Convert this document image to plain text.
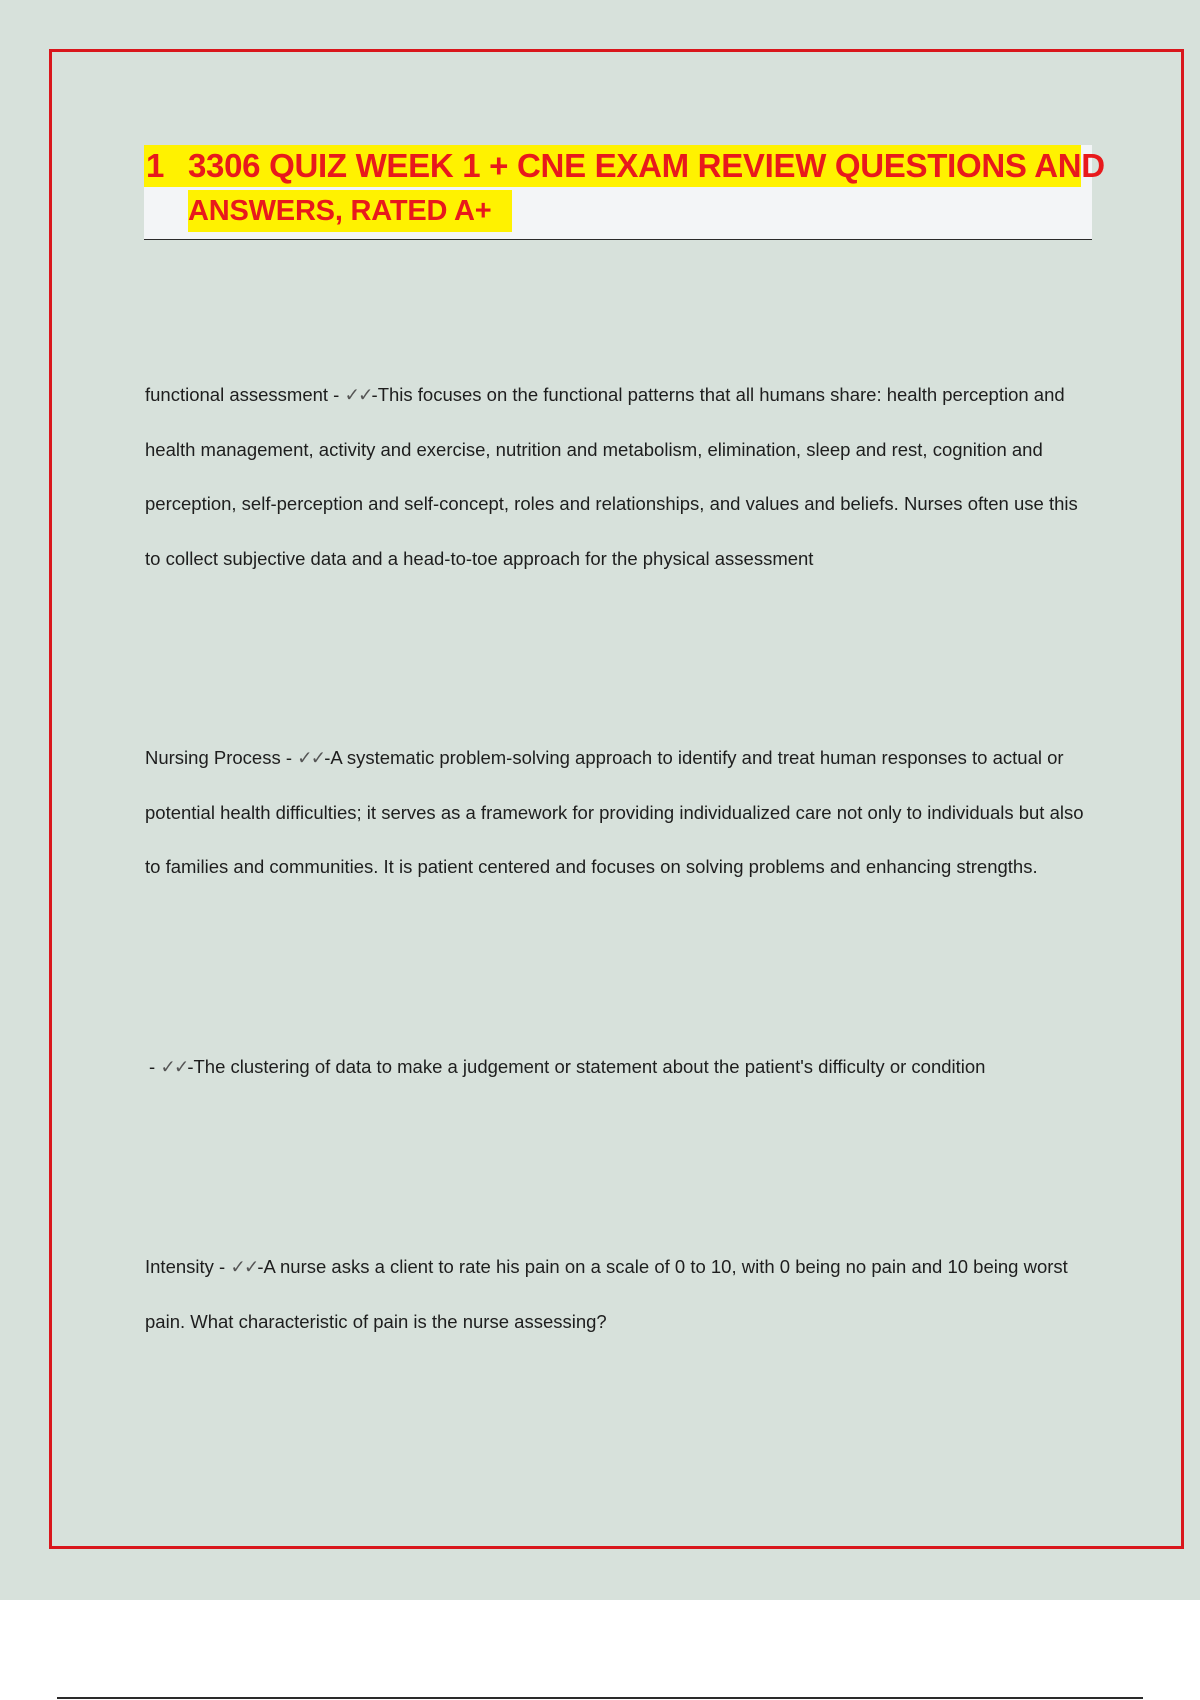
1 3306 QUIZ WEEK 1 + CNE EXAM REVIEW QUESTIONS AND
ANSWERS, RATED A+
functional assessment - ✓✓-This focuses on the functional patterns that all humans share: health perception and health management, activity and exercise, nutrition and metabolism, elimination, sleep and rest, cognition and perception, self-perception and self-concept, roles and relationships, and values and beliefs. Nurses often use this to collect subjective data and a head-to-toe approach for the physical assessment
Nursing Process - ✓✓-A systematic problem-solving approach to identify and treat human responses to actual or potential health difficulties; it serves as a framework for providing individualized care not only to individuals but also to families and communities. It is patient centered and focuses on solving problems and enhancing strengths.
- ✓✓-The clustering of data to make a judgement or statement about the patient's difficulty or condition
Intensity - ✓✓-A nurse asks a client to rate his pain on a scale of 0 to 10, with 0 being no pain and 10 being worst pain. What characteristic of pain is the nurse assessing?
